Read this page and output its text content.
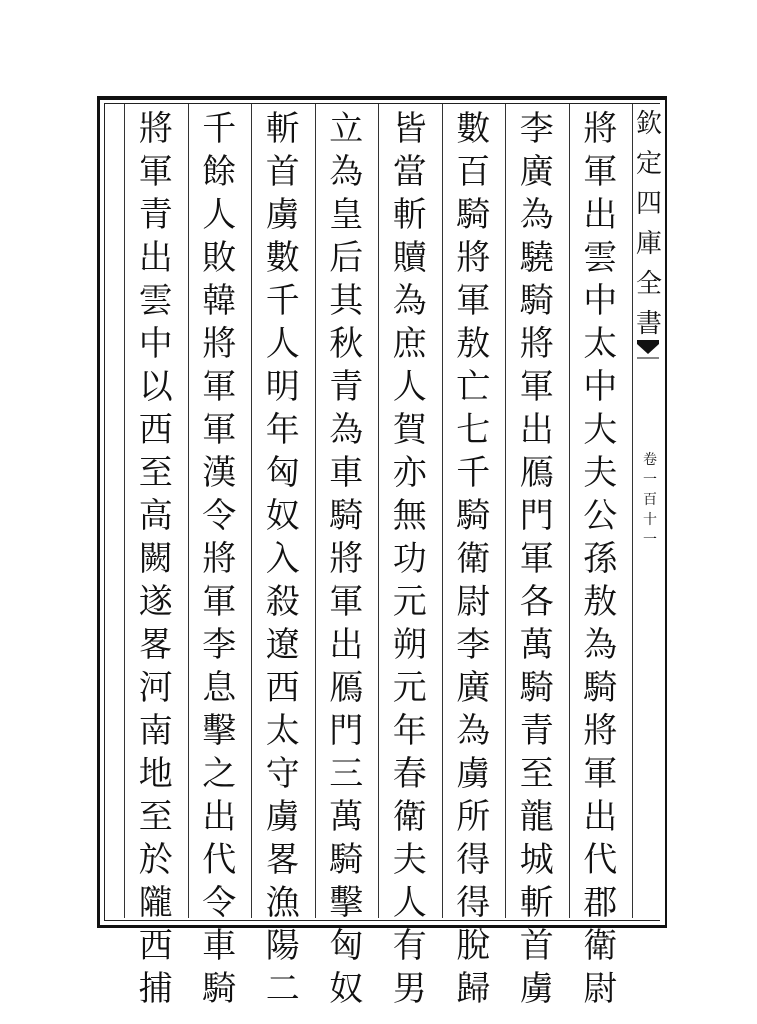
將
軍
出
雲
中
太
中
大
夫
公
孫
敖
為
騎
將
軍
出
代
郡
衛
尉
李
廣
為
驍
騎
將
軍
出
鴈
門
軍
各
萬
騎
青
至
龍
城
斬
首
虜
數
百
騎
將
軍
敖
亡
七
千
騎
衛
尉
李
廣
為
虜
所
得
得
脫
歸
皆
當
斬
贖
為
庶
人
賀
亦
無
功
元
朔
元
年
春
衛
夫
人
有
男
立
為
皇
后
其
秋
青
為
車
騎
將
軍
出
鴈
門
三
萬
騎
擊
匈
奴
斬
首
虜
數
千
人
明
年
匈
奴
入
殺
遼
西
太
守
虜
畧
漁
陽
二
千
餘
人
敗
韓
將
軍
軍
漢
令
將
軍
李
息
擊
之
出
代
令
車
騎
將
軍
青
出
雲
中
以
西
至
高
闕
遂
畧
河
南
地
至
於
隴
西
捕
欽
定
四
庫
全
書
卷
一
百
十
一
